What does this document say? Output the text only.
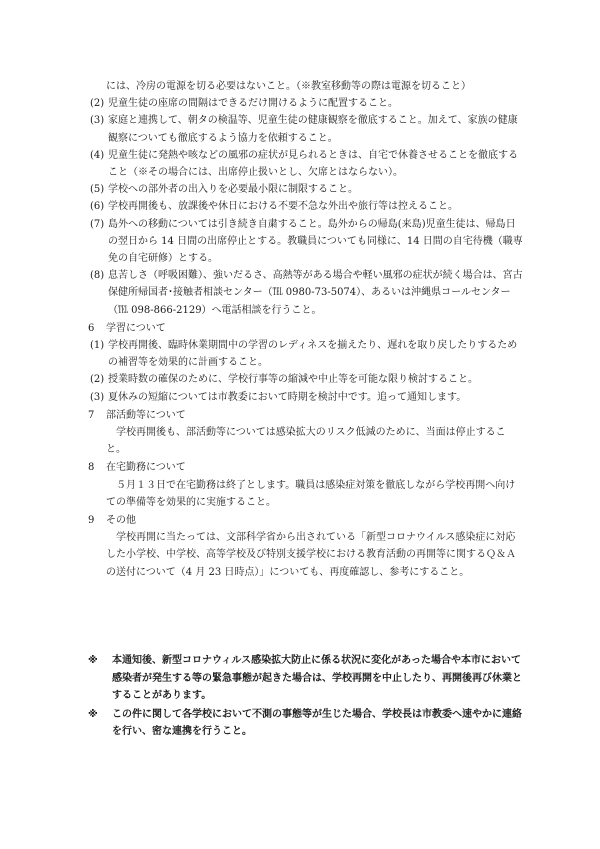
には、冷房の電源を切る必要はないこと。（※教室移動等の際は電源を切ること）
(2) 児童生徒の座席の間隔はできるだけ開けるように配置すること。
(3) 家庭と連携して、朝タの検温等、児童生徒の健康観察を徹底すること。加えて、家族の健康観察についても徹底するよう協力を依頼すること。
(4) 児童生徒に発熱や咳などの風邪の症状が見られるときは、自宅で休養させることを徹底すること（※その場合には、出席停止扱いとし、欠席とはならない）。
(5) 学校への部外者の出入りを必要最小限に制限すること。
(6) 学校再開後も、放課後や休日における不要不急な外出や旅行等は控えること。
(7) 島外への移動については引き続き自粛すること。島外からの帰島(来島)児童生徒は、帰島日の翌日から 14 日間の出席停止とする。教職員についても同様に、14 日間の自宅待機（職専免の自宅研修）とする。
(8) 息苦しさ（呼吸困難）、強いだるさ、高熱等がある場合や軽い風邪の症状が続く場合は、宮古保健所帰国者･接触者相談センター（℡ 0980-73-5074）、あるいは沖縄県コールセンター（℡ 098-866-2129）へ電話相談を行うこと。
6	学習について
(1) 学校再開後、臨時休業期間中の学習のレディネスを揃えたり、遅れを取り戻したりするための補習等を効果的に計画すること。
(2) 授業時数の確保のために、学校行事等の縮減や中止等を可能な限り検討すること。
(3) 夏休みの短縮については市教委において時期を検討中です。追って通知します。
7	部活動等について
学校再開後も、部活動等については感染拡大のリスク低減のために、当面は停止すること。
8	在宅勤務について
５月１３日で在宅勤務は終了とします。職員は感染症対策を徹底しながら学校再開へ向けての準備等を効果的に実施すること。
9	その他
学校再開に当たっては、文部科学省から出されている「新型コロナウイルス感染症に対応した小学校、中学校、高等学校及び特別支援学校における教育活動の再開等に関するＱ＆Ａの送付について（4 月 23 日時点）」についても、再度確認し、参考にすること。
※	本通知後、新型コロナウィルス感染拡大防止に係る状況に変化があった場合や本市において感染者が発生する等の緊急事態が起きた場合は、学校再開を中止したり、再開後再び休業とすることがあります。
※	この件に関して各学校において不測の事態等が生じた場合、学校長は市教委へ速やかに連絡を行い、密な連携を行うこと。
